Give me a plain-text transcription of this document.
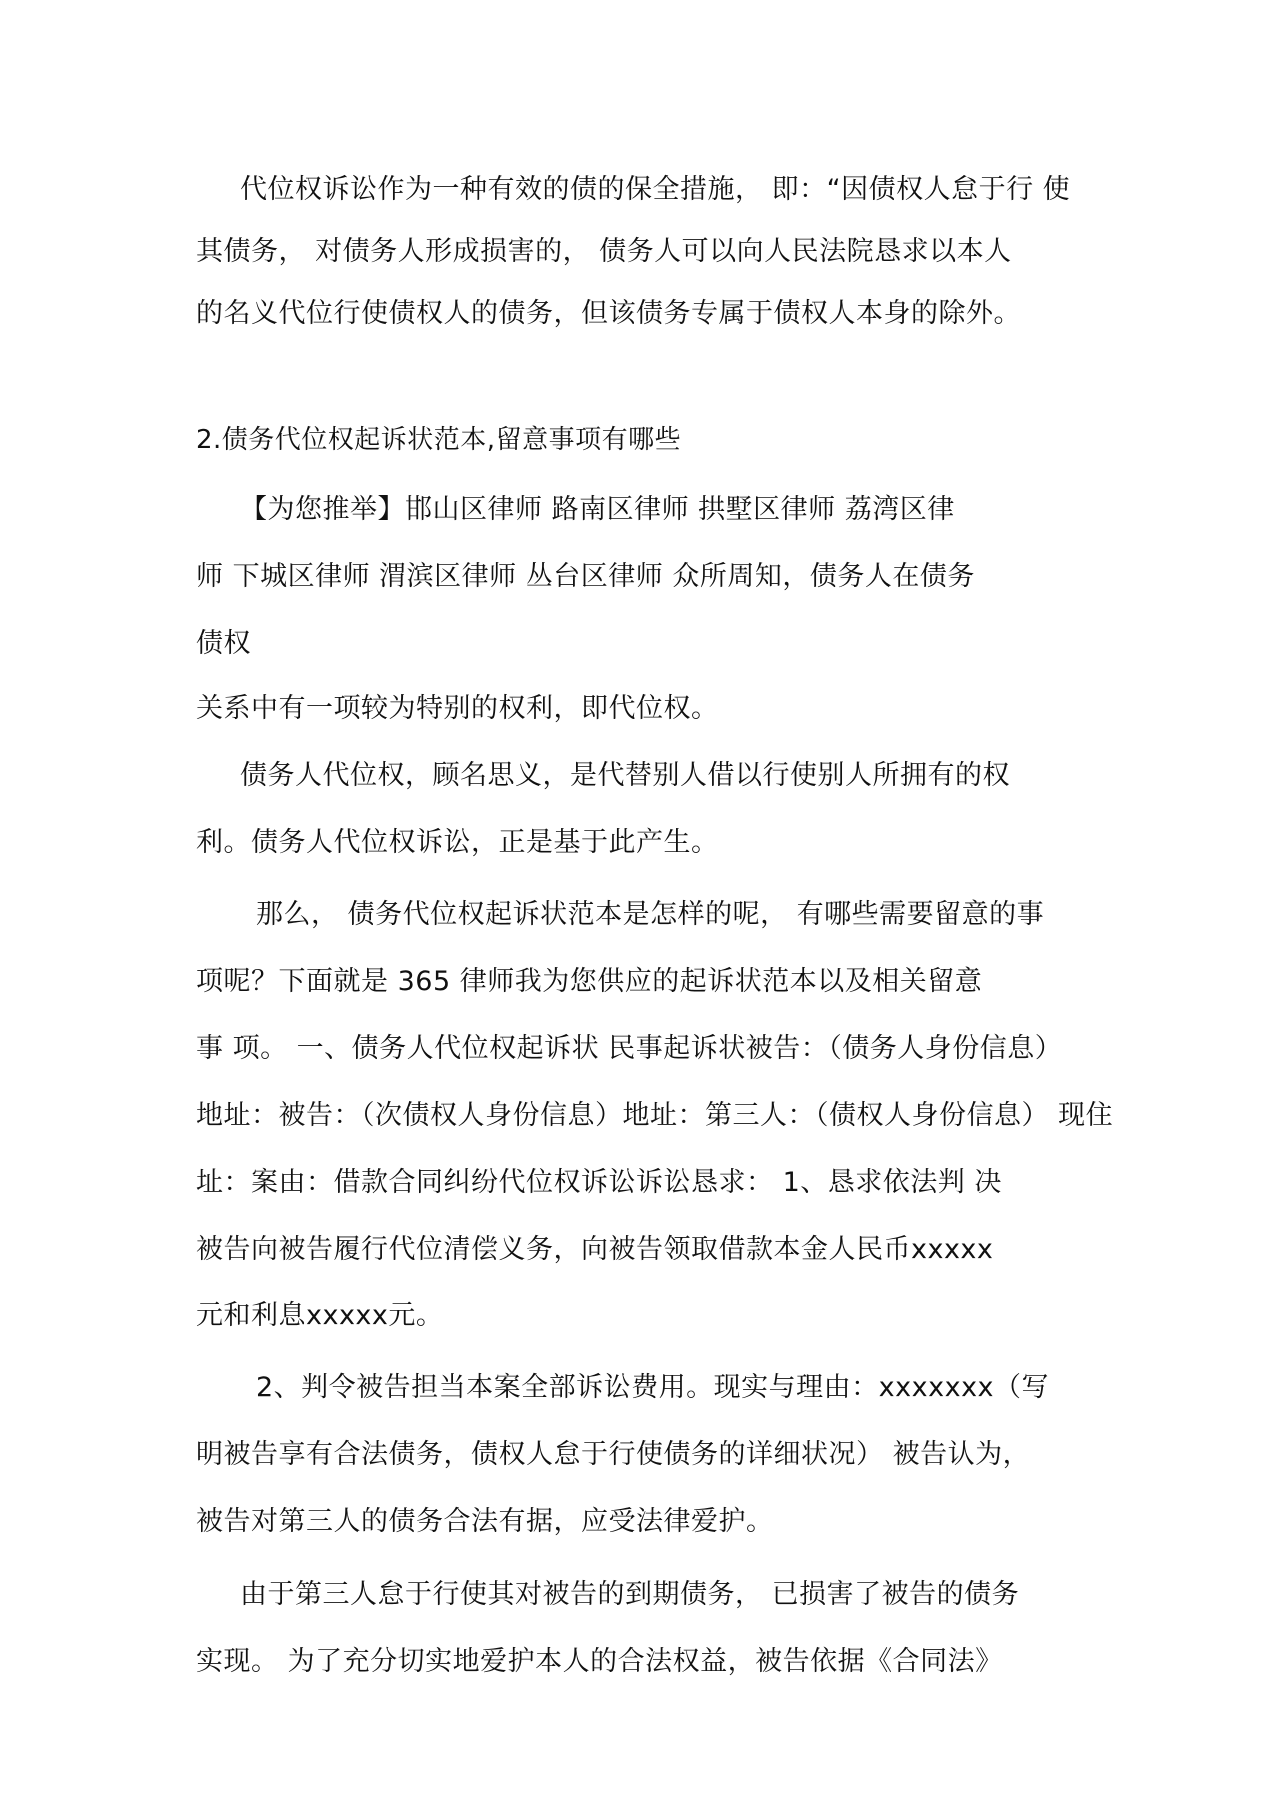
代位权诉讼作为一种有效的债的保全措施， 即：“因债权人怠于行 使
其债务， 对债务人形成损害的， 债务人可以向人民法院恳求以本人
的名义代位行使债权人的债务，但该债务专属于债权人本身的除外。
2.债务代位权起诉状范本,留意事项有哪些
【为您推举】邯山区律师 路南区律师 拱墅区律师 荔湾区律
师 下城区律师 渭滨区律师 丛台区律师 众所周知，债务人在债务
债权
关系中有一项较为特别的权利，即代位权。
债务人代位权，顾名思义，是代替别人借以行使别人所拥有的权
利。债务人代位权诉讼，正是基于此产生。
那么， 债务代位权起诉状范本是怎样的呢， 有哪些需要留意的事
项呢？下面就是 365 律师我为您供应的起诉状范本以及相关留意
事 项。 一、债务人代位权起诉状 民事起诉状被告：（债务人身份信息）
地址：被告：（次债权人身份信息）地址：第三人：（债权人身份信息） 现住
址：案由：借款合同纠纷代位权诉讼诉讼恳求： 1、恳求依法判 决
被告向被告履行代位清偿义务，向被告领取借款本金人民币xxxxx
元和利息xxxxx元。
2、判令被告担当本案全部诉讼费用。现实与理由：xxxxxxx（写
明被告享有合法债务，债权人怠于行使债务的详细状况） 被告认为，
被告对第三人的债务合法有据，应受法律爱护。
由于第三人怠于行使其对被告的到期债务， 已损害了被告的债务
实现。 为了充分切实地爱护本人的合法权益，被告依据《合同法》
